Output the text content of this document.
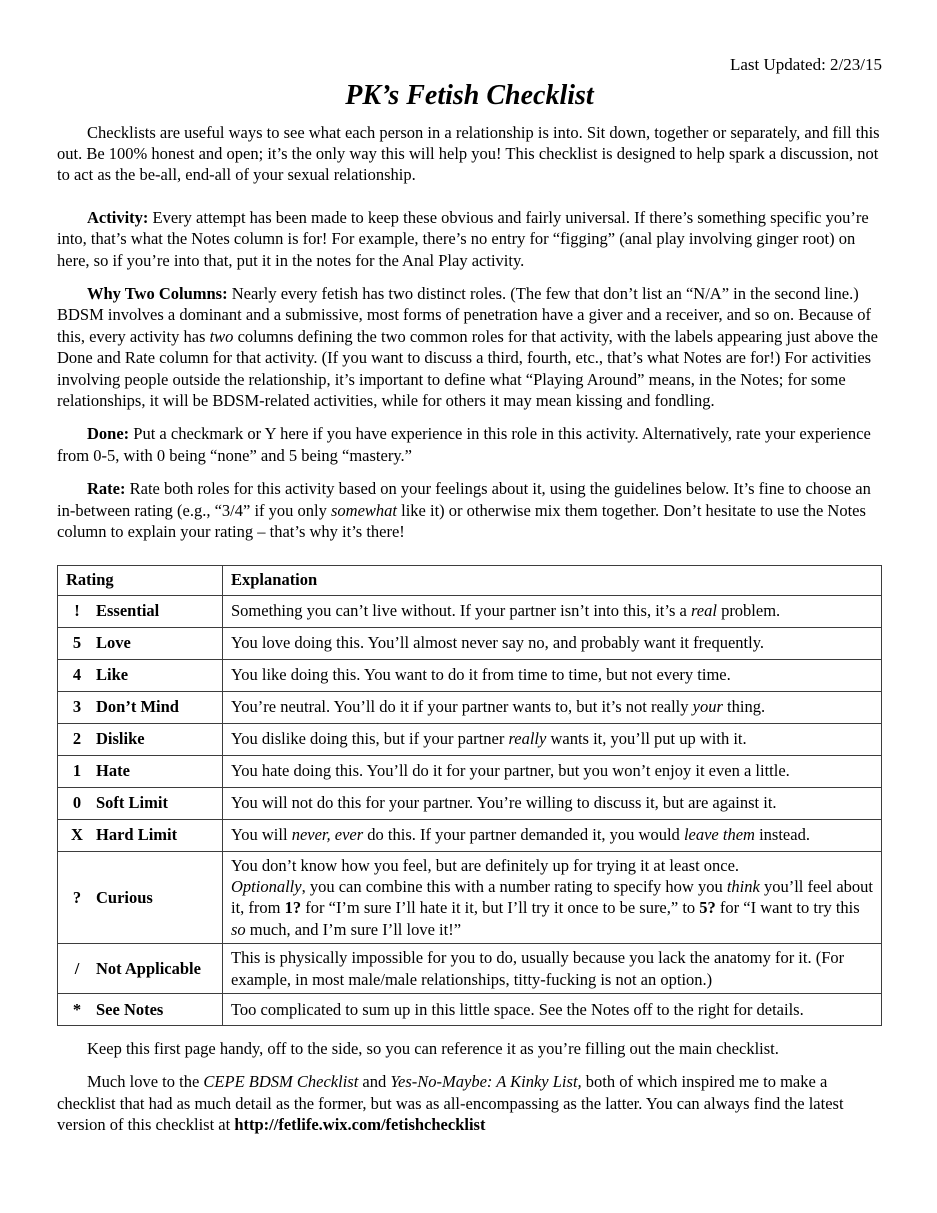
Last Updated: 2/23/15

PK’s Fetish Checklist

Checklists are useful ways to see what each person in a relationship is into. Sit down, together or separately, and fill this out. Be 100% honest and open; it’s the only way this will help you! This checklist is designed to help spark a discussion, not to act as the be-all, end-all of your sexual relationship.

Activity: Every attempt has been made to keep these obvious and fairly universal. If there’s something specific you’re into, that’s what the Notes column is for! For example, there’s no entry for “figging” (anal play involving ginger root) on here, so if you’re into that, put it in the notes for the Anal Play activity.

Why Two Columns: Nearly every fetish has two distinct roles. (The few that don’t list an “N/A” in the second line.) BDSM involves a dominant and a submissive, most forms of penetration have a giver and a receiver, and so on. Because of this, every activity has two columns defining the two common roles for that activity, with the labels appearing just above the Done and Rate column for that activity. (If you want to discuss a third, fourth, etc., that’s what Notes are for!) For activities involving people outside the relationship, it’s important to define what “Playing Around” means, in the Notes; for some relationships, it will be BDSM-related activities, while for others it may mean kissing and fondling.

Done: Put a checkmark or Y here if you have experience in this role in this activity. Alternatively, rate your experience from 0-5, with 0 being “none” and 5 being “mastery.”

Rate: Rate both roles for this activity based on your feelings about it, using the guidelines below. It’s fine to choose an in-between rating (e.g., “3/4” if you only somewhat like it) or otherwise mix them together. Don’t hesitate to use the Notes column to explain your rating – that’s why it’s there!

Rating	Explanation
! Essential	Something you can’t live without. If your partner isn’t into this, it’s a real problem.
5 Love	You love doing this. You’ll almost never say no, and probably want it frequently.
4 Like	You like doing this. You want to do it from time to time, but not every time.
3 Don’t Mind	You’re neutral. You’ll do it if your partner wants to, but it’s not really your thing.
2 Dislike	You dislike doing this, but if your partner really wants it, you’ll put up with it.
1 Hate	You hate doing this. You’ll do it for your partner, but you won’t enjoy it even a little.
0 Soft Limit	You will not do this for your partner. You’re willing to discuss it, but are against it.
X Hard Limit	You will never, ever do this. If your partner demanded it, you would leave them instead.
? Curious	You don’t know how you feel, but are definitely up for trying it at least once.
Optionally, you can combine this with a number rating to specify how you think you’ll feel about it, from 1? for “I’m sure I’ll hate it it, but I’ll try it once to be sure,” to 5? for “I want to try this so much, and I’m sure I’ll love it!”
/ Not Applicable	This is physically impossible for you to do, usually because you lack the anatomy for it. (For example, in most male/male relationships, titty-fucking is not an option.)
* See Notes	Too complicated to sum up in this little space. See the Notes off to the right for details.

Keep this first page handy, off to the side, so you can reference it as you’re filling out the main checklist.

Much love to the CEPE BDSM Checklist and Yes-No-Maybe: A Kinky List, both of which inspired me to make a checklist that had as much detail as the former, but was as all-encompassing as the latter. You can always find the latest version of this checklist at http://fetlife.wix.com/fetishchecklist
